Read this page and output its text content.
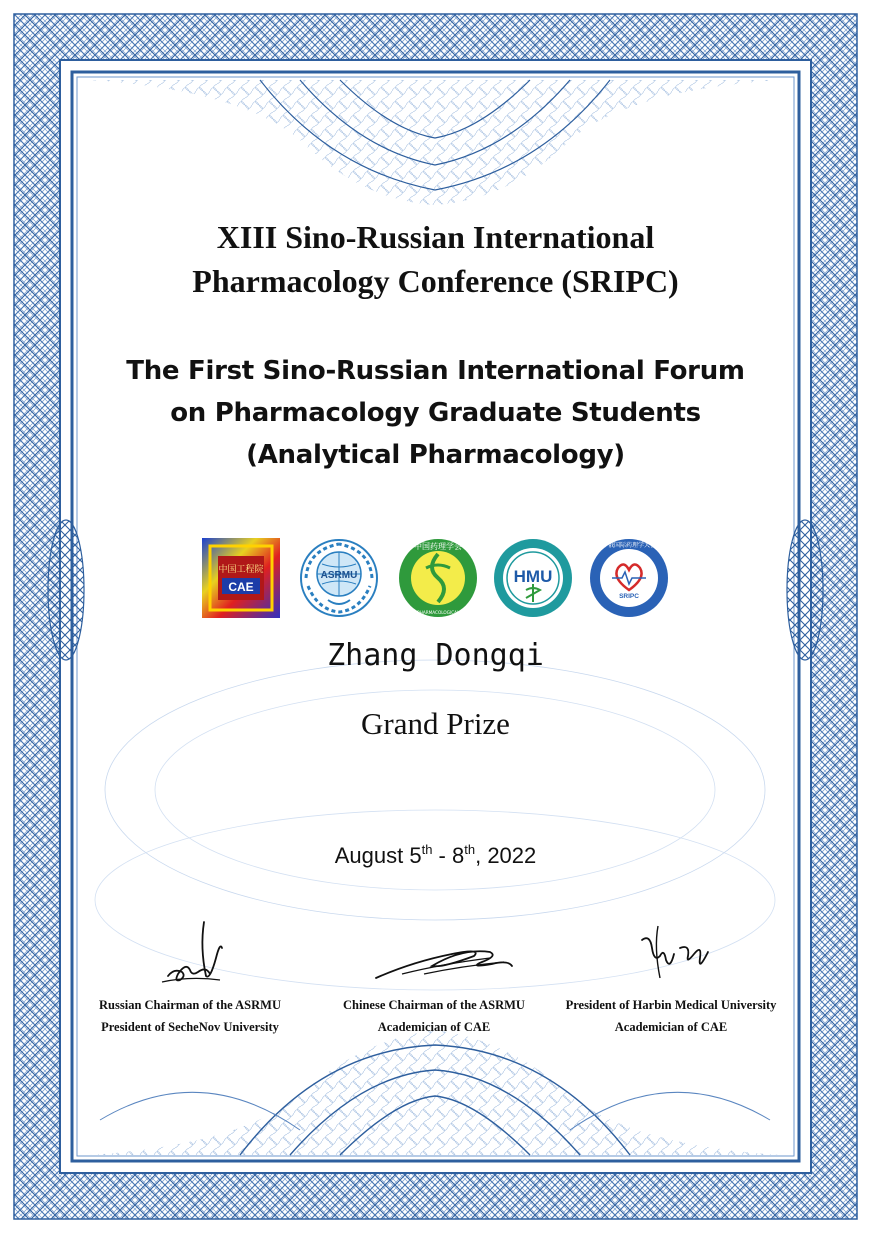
XIII Sino-Russian International
Pharmacology Conference (SRIPC)
The First Sino-Russian International Forum
on Pharmacology Graduate Students
(Analytical Pharmacology)
中国工程院
CAE
ASRMU
中国药理学会
CHINESE PHARMACOLOGICAL SOCIETY
HMU
SRIPC
中俄国际药理学大会
Zhang Dongqi
Grand Prize
August 5th - 8th, 2022
Russian Chairman of the ASRMU
President of SecheNov University
Chinese Chairman of the ASRMU
Academician of CAE
President of Harbin Medical University
Academician of CAE
